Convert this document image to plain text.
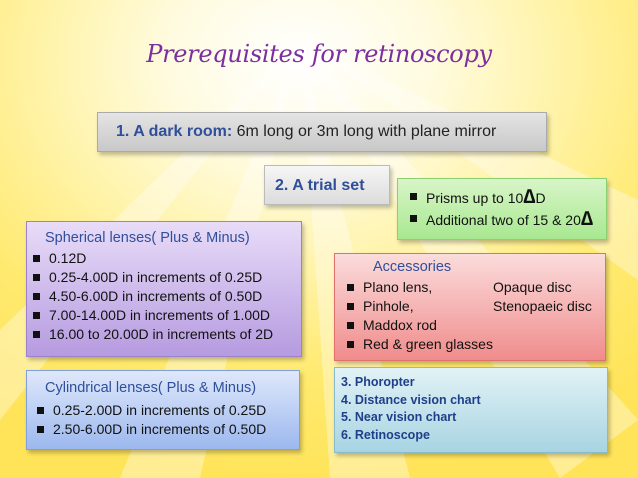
Prerequisites for retinoscopy
1. A dark room: 6m long or 3m long with plane mirror
2. A trial set
Prisms up to 10∆D
Additional two of 15 & 20∆
Spherical lenses( Plus & Minus)
0.12D
0.25-4.00D in increments of 0.25D
4.50-6.00D in increments of 0.50D
7.00-14.00D in increments of 1.00D
16.00 to 20.00D in increments of 2D
Accessories
Plano lens,	Opaque disc
Pinhole,	Stenopaeic disc
Maddox rod
Red & green glasses
Cylindrical lenses( Plus & Minus)
0.25-2.00D in increments of 0.25D
2.50-6.00D in increments of 0.50D
3. Phoropter
4. Distance vision chart
5. Near vision chart
6. Retinoscope
